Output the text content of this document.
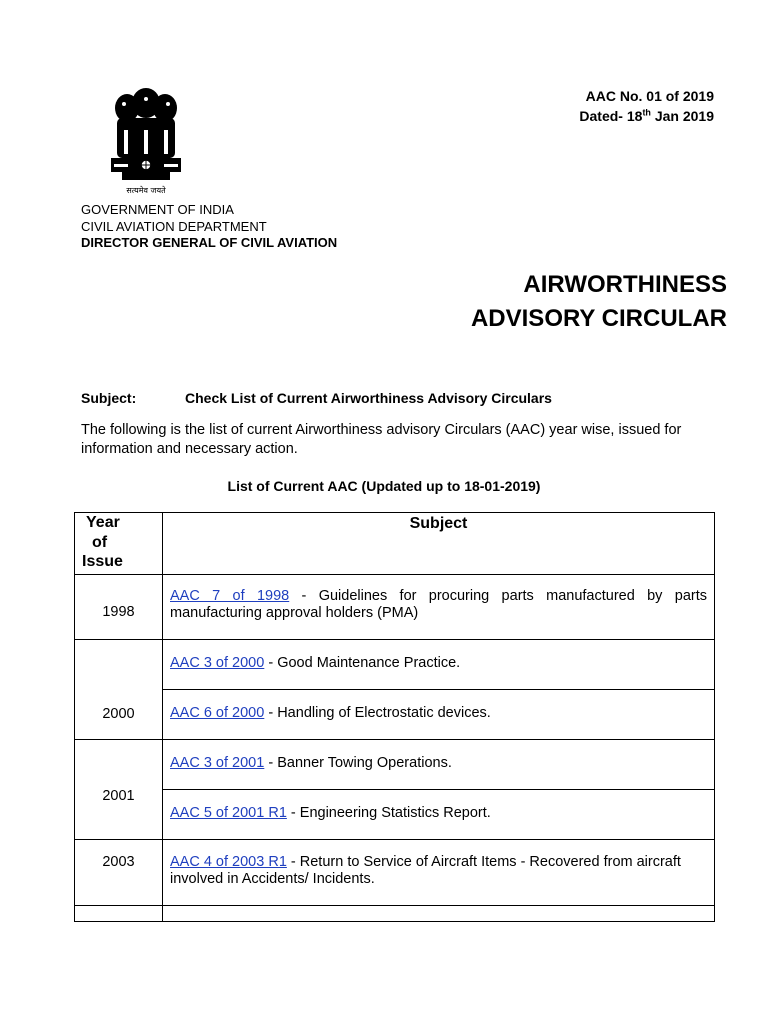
सत्यमेव जयते
AAC No. 01 of 2019
Dated- 18th Jan 2019
GOVERNMENT OF INDIA
CIVIL AVIATION DEPARTMENT
DIRECTOR GENERAL OF CIVIL AVIATION
AIRWORTHINESS
ADVISORY CIRCULAR
Subject:	Check List of Current Airworthiness Advisory Circulars
The following is the list of current Airworthiness advisory Circulars (AAC) year wise, issued for information and necessary action.
List of Current AAC (Updated up to 18-01-2019)
Year
of
Issue	Subject

1998	AAC 7 of 1998 - Guidelines for procuring parts manufactured by parts manufacturing approval holders (PMA)

2000	AAC 3 of 2000 - Good Maintenance Practice.

	AAC 6 of 2000 - Handling of Electrostatic devices.

2001	AAC 3 of 2001 - Banner Towing Operations.

	AAC 5 of 2001 R1 - Engineering Statistics Report.

2003	AAC 4 of 2003 R1 - Return to Service of Aircraft Items - Recovered from aircraft involved in Accidents/ Incidents.
